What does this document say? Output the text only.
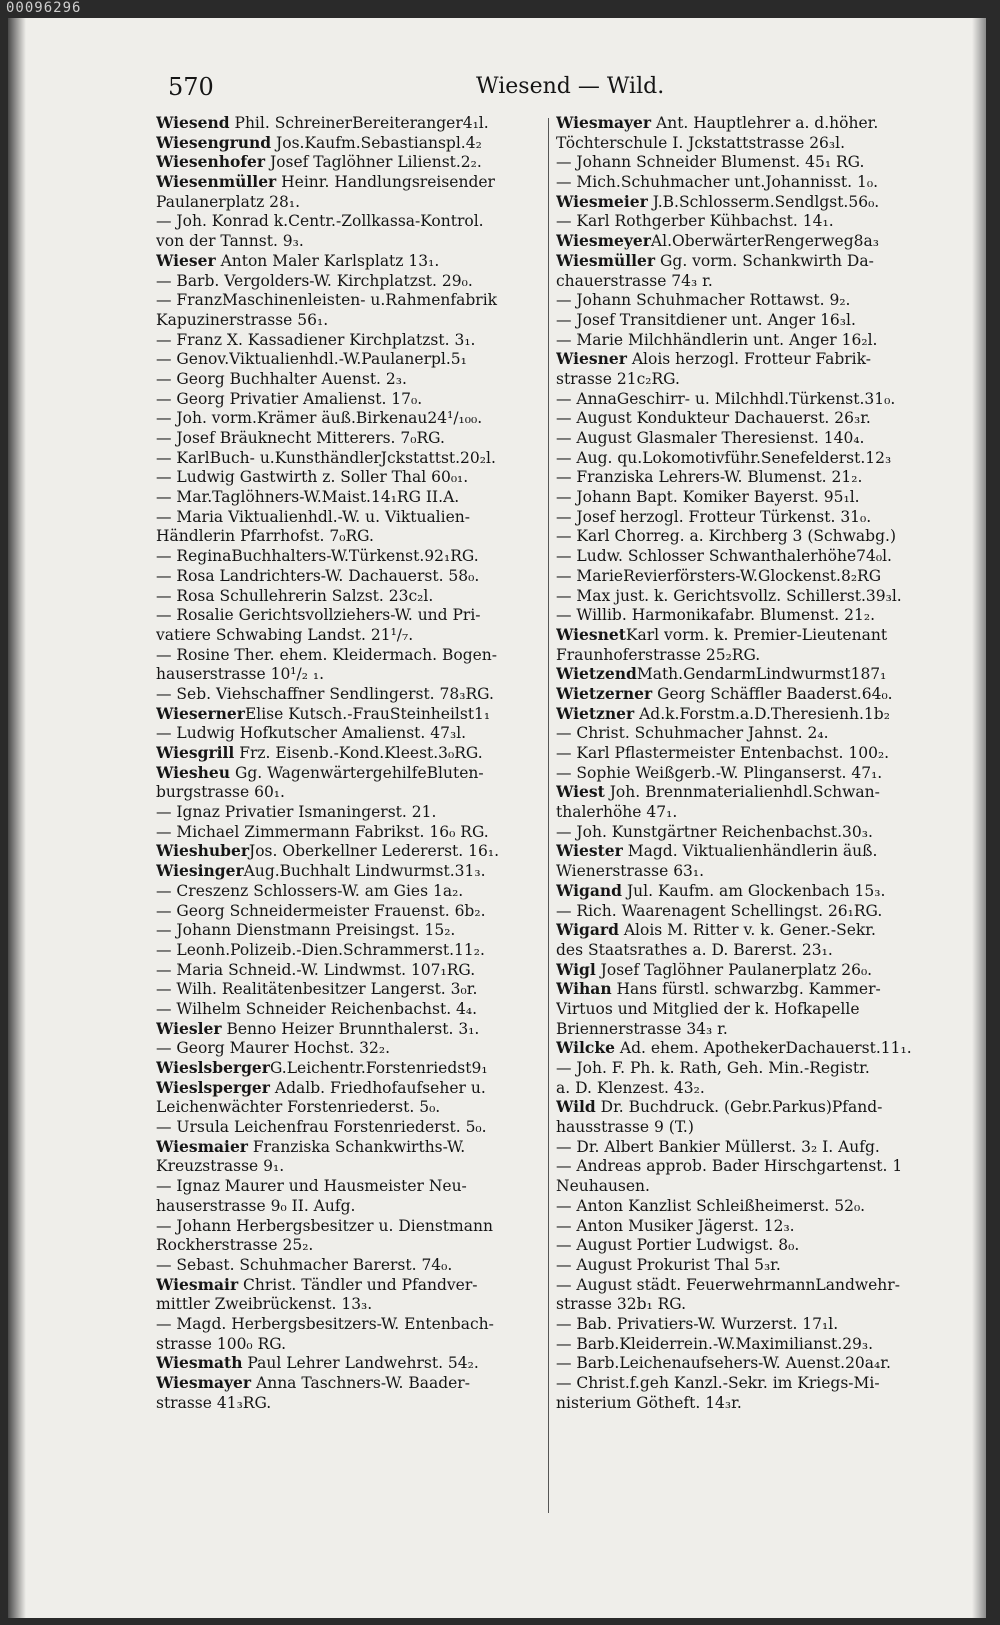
570	Wiesend — Wild.
Wiesend Phil. SchreinerBereiteranger4₁l.
Wiesengrund Jos.Kaufm.Sebastianspl.4₂
Wiesenhofer Josef Taglöhner Lilienst.2₂.
Wiesenmüller Heinr. Handlungsreisender
Paulanerplatz 28₁.
— Joh. Konrad k.Centr.-Zollkassa-Kontrol.
von der Tannst. 9₃.
Wieser Anton Maler Karlsplatz 13₁.
— Barb. Vergolders-W. Kirchplatzst. 29₀.
— FranzMaschinenleisten- u.Rahmenfabrik
Kapuzinerstrasse 56₁.
— Franz X. Kassadiener Kirchplatzst. 3₁.
— Genov.Viktualienhdl.-W.Paulanerpl.5₁
— Georg Buchhalter Auenst. 2₃.
— Georg Privatier Amalienst. 17₀.
— Joh. vorm.Krämer äuß.Birkenau24¹/₁₀₀.
— Josef Bräuknecht Mitterers. 7₀RG.
— KarlBuch- u.KunsthändlerJckstattst.20₂l.
— Ludwig Gastwirth z. Soller Thal 60₀₁.
— Mar.Taglöhners-W.Maist.14₁RG II.A.
— Maria Viktualienhdl.-W. u. Viktualien-
Händlerin Pfarrhofst. 7₀RG.
— ReginaBuchhalters-W.Türkenst.92₁RG.
— Rosa Landrichters-W. Dachauerst. 58₀.
— Rosa Schullehrerin Salzst. 23c₂l.
— Rosalie Gerichtsvollziehers-W. und Pri-
vatiere Schwabing Landst. 21¹/₇.
— Rosine Ther. ehem. Kleidermach. Bogen-
hauserstrasse 10¹/₂ ₁.
— Seb. Viehschaffner Sendlingerst. 78₃RG.
WiesernerElise Kutsch.-FrauSteinheilst1₁
— Ludwig Hofkutscher Amalienst. 47₃l.
Wiesgrill Frz. Eisenb.-Kond.Kleest.3₀RG.
Wiesheu Gg. WagenwärtergehilfeBluten-
burgstrasse 60₁.
— Ignaz Privatier Ismaningerst. 21.
— Michael Zimmermann Fabrikst. 16₀ RG.
WieshuberJos. Oberkellner Ledererst. 16₁.
WiesingerAug.Buchhalt Lindwurmst.31₃.
— Creszenz Schlossers-W. am Gies 1a₂.
— Georg Schneidermeister Frauenst. 6b₂.
— Johann Dienstmann Preisingst. 15₂.
— Leonh.Polizeib.-Dien.Schrammerst.11₂.
— Maria Schneid.-W. Lindwmst. 107₁RG.
— Wilh. Realitätenbesitzer Langerst. 3₀r.
— Wilhelm Schneider Reichenbachst. 4₄.
Wiesler Benno Heizer Brunnthalerst. 3₁.
— Georg Maurer Hochst. 32₂.
WieslsbergerG.Leichentr.Forstenriedst9₁
Wieslsperger Adalb. Friedhofaufseher u.
Leichenwächter Forstenriederst. 5₀.
— Ursula Leichenfrau Forstenriederst. 5₀.
Wiesmaier Franziska Schankwirths-W.
Kreuzstrasse 9₁.
— Ignaz Maurer und Hausmeister Neu-
hauserstrasse 9₀ II. Aufg.
— Johann Herbergsbesitzer u. Dienstmann
Rockherstrasse 25₂.
— Sebast. Schuhmacher Barerst. 74₀.
Wiesmair Christ. Tändler und Pfandver-
mittler Zweibrückenst. 13₃.
— Magd. Herbergsbesitzers-W. Entenbach-
strasse 100₀ RG.
Wiesmath Paul Lehrer Landwehrst. 54₂.
Wiesmayer Anna Taschners-W. Baader-
strasse 41₃RG.
Wiesmayer Ant. Hauptlehrer a. d.höher.
Töchterschule I. Jckstattstrasse 26₃l.
— Johann Schneider Blumenst. 45₁ RG.
— Mich.Schuhmacher unt.Johannisst. 1₀.
Wiesmeier J.B.Schlosserm.Sendlgst.56₀.
— Karl Rothgerber Kühbachst. 14₁.
WiesmeyerAl.OberwärterRengerweg8a₃
Wiesmüller Gg. vorm. Schankwirth Da-
chauerstrasse 74₃ r.
— Johann Schuhmacher Rottawst. 9₂.
— Josef Transitdiener unt. Anger 16₃l.
— Marie Milchhändlerin unt. Anger 16₂l.
Wiesner Alois herzogl. Frotteur Fabrik-
strasse 21c₂RG.
— AnnaGeschirr- u. Milchhdl.Türkenst.31₀.
— August Kondukteur Dachauerst. 26₃r.
— August Glasmaler Theresienst. 140₄.
— Aug. qu.Lokomotivführ.Senefelderst.12₃
— Franziska Lehrers-W. Blumenst. 21₂.
— Johann Bapt. Komiker Bayerst. 95₁l.
— Josef herzogl. Frotteur Türkenst. 31₀.
— Karl Chorreg. a. Kirchberg 3 (Schwabg.)
— Ludw. Schlosser Schwanthalerhöhe74₀l.
— MarieRevierförsters-W.Glockenst.8₂RG
— Max just. k. Gerichtsvollz. Schillerst.39₃l.
— Willib. Harmonikafabr. Blumenst. 21₂.
WiesnetKarl vorm. k. Premier-Lieutenant
Fraunhoferstrasse 25₂RG.
WietzendMath.GendarmLindwurmst187₁
Wietzerner Georg Schäffler Baaderst.64₀.
Wietzner Ad.k.Forstm.a.D.Theresienh.1b₂
— Christ. Schuhmacher Jahnst. 2₄.
— Karl Pflastermeister Entenbachst. 100₂.
— Sophie Weißgerb.-W. Plinganserst. 47₁.
Wiest Joh. Brennmaterialienhdl.Schwan-
thalerhöhe 47₁.
— Joh. Kunstgärtner Reichenbachst.30₃.
Wiester Magd. Viktualienhändlerin äuß.
Wienerstrasse 63₁.
Wigand Jul. Kaufm. am Glockenbach 15₃.
— Rich. Waarenagent Schellingst. 26₁RG.
Wigard Alois M. Ritter v. k. Gener.-Sekr.
des Staatsrathes a. D. Barerst. 23₁.
Wigl Josef Taglöhner Paulanerplatz 26₀.
Wihan Hans fürstl. schwarzbg. Kammer-
Virtuos und Mitglied der k. Hofkapelle
Briennerstrasse 34₃ r.
Wilcke Ad. ehem. ApothekerDachauerst.11₁.
— Joh. F. Ph. k. Rath, Geh. Min.-Registr.
a. D. Klenzest. 43₂.
Wild Dr. Buchdruck. (Gebr.Parkus)Pfand-
hausstrasse 9 (T.)
— Dr. Albert Bankier Müllerst. 3₂ I. Aufg.
— Andreas approb. Bader Hirschgartenst. 1
Neuhausen.
— Anton Kanzlist Schleißheimerst. 52₀.
— Anton Musiker Jägerst. 12₃.
— August Portier Ludwigst. 8₀.
— August Prokurist Thal 5₃r.
— August städt. FeuerwehrmannLandwehr-
strasse 32b₁ RG.
— Bab. Privatiers-W. Wurzerst. 17₁l.
— Barb.Kleiderrein.-W.Maximilianst.29₃.
— Barb.Leichenaufsehers-W. Auenst.20a₄r.
— Christ.f.geh Kanzl.-Sekr. im Kriegs-Mi-
nisterium Götheft. 14₃r.
00096296
